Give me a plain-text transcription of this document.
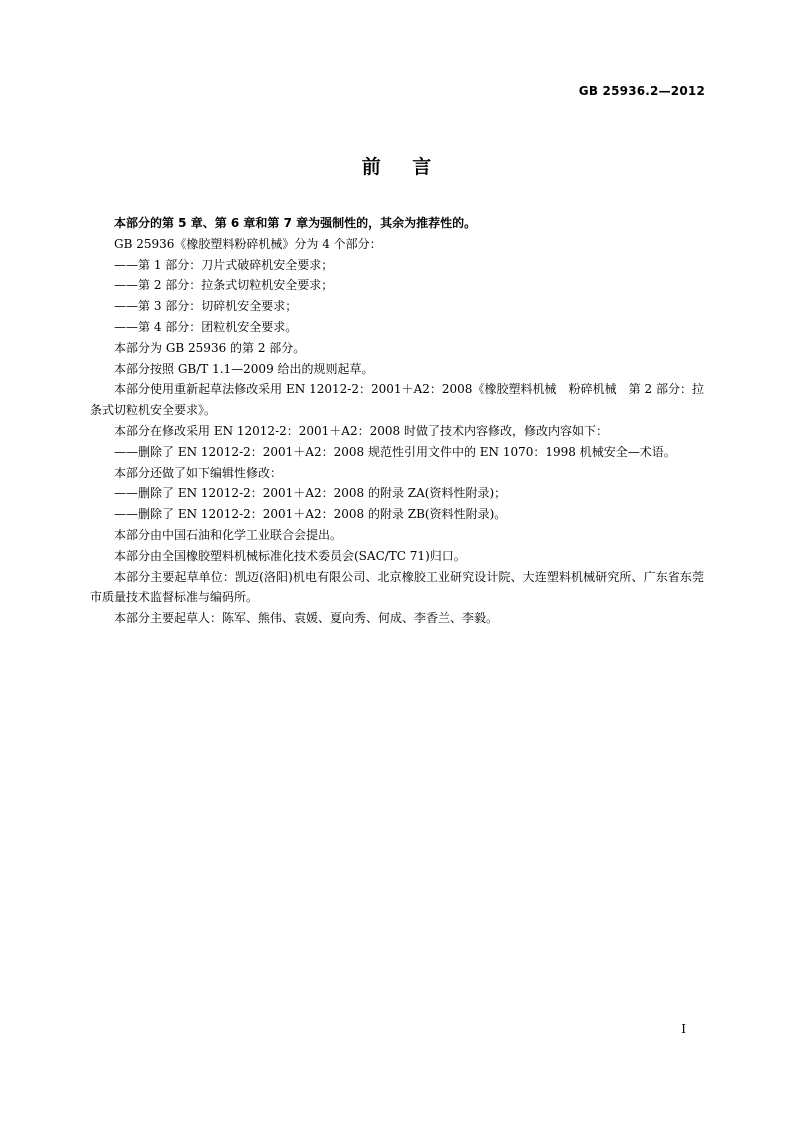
GB 25936.2—2012
前    言

本部分的第 5 章、第 6 章和第 7 章为强制性的，其余为推荐性的。

GB 25936《橡胶塑料粉碎机械》分为 4 个部分：

——第 1 部分：刀片式破碎机安全要求；

——第 2 部分：拉条式切粒机安全要求；

——第 3 部分：切碎机安全要求；

——第 4 部分：团粒机安全要求。

本部分为 GB 25936 的第 2 部分。

本部分按照 GB/T 1.1—2009 给出的规则起草。

本部分使用重新起草法修改采用 EN 12012-2：2001＋A2：2008《橡胶塑料机械　粉碎机械　第 2 部分：拉条式切粒机安全要求》。

本部分在修改采用 EN 12012-2：2001＋A2：2008 时做了技术内容修改，修改内容如下：

——删除了 EN 12012-2：2001＋A2：2008 规范性引用文件中的 EN 1070：1998 机械安全—术语。

本部分还做了如下编辑性修改：

——删除了 EN 12012-2：2001＋A2：2008 的附录 ZA(资料性附录)；

——删除了 EN 12012-2：2001＋A2：2008 的附录 ZB(资料性附录)。

本部分由中国石油和化学工业联合会提出。

本部分由全国橡胶塑料机械标准化技术委员会(SAC/TC 71)归口。

本部分主要起草单位：凯迈(洛阳)机电有限公司、北京橡胶工业研究设计院、大连塑料机械研究所、广东省东莞市质量技术监督标准与编码所。

本部分主要起草人：陈军、熊伟、袁媛、夏向秀、何成、李香兰、李毅。

I
